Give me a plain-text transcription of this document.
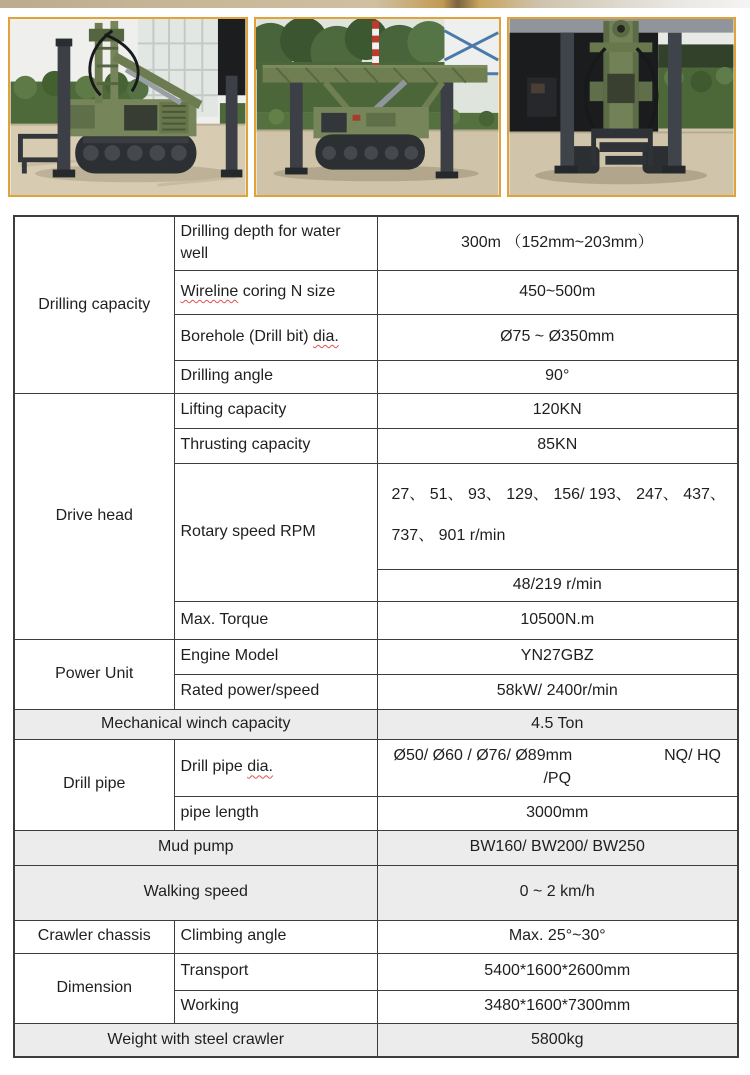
Drilling capacity	Drilling depth for water well	300m （152mm~203mm）
	Wireline coring N size	450~500m
	Borehole (Drill bit) dia.	Ø75 ~ Ø350mm
	Drilling angle	90°
Drive head	Lifting capacity	120KN
	Thrusting capacity	85KN
	Rotary speed RPM	27、 51、 93、 129、 156/ 193、 247、 437、
737、 901 r/min

		48/219 r/min
	Max. Torque	10500N.m
Power Unit	Engine Model	YN27GBZ
	Rated power/speed	58kW/ 2400r/min
Mechanical winch capacity		4.5 Ton
Drill pipe	Drill pipe dia.	Ø50/ Ø60 / Ø76/ Ø89mm NQ/ HQ
/PQ

	pipe length	3000mm
Mud pump		BW160/ BW200/ BW250
Walking speed		0 ~ 2 km/h
Crawler chassis	Climbing angle	Max. 25°~30°
Dimension	Transport	5400*1600*2600mm
	Working	3480*1600*7300mm
Weight with steel crawler		5800kg
